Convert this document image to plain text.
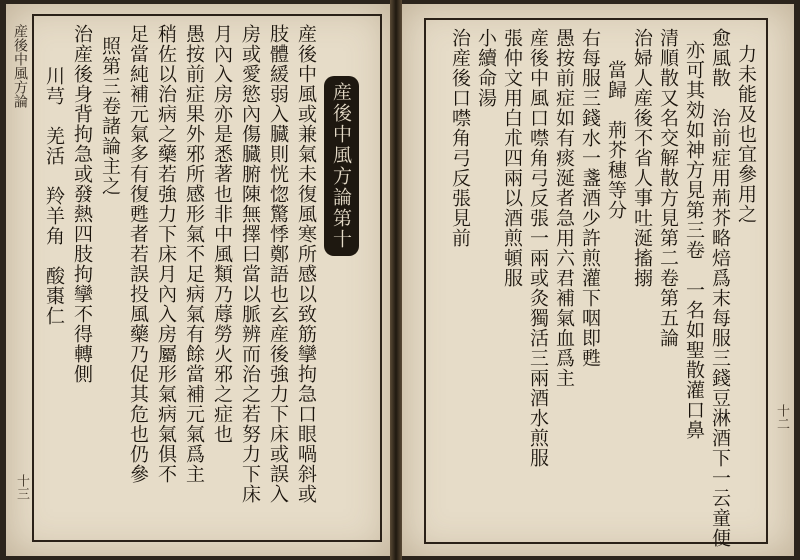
産後中風方論
産後中風方論第十
産後中風或兼氣未復風寒所感以致筋攣拘急口眼喎斜或
肢體緩弱入臓則恍惚驚悸鄭語也玄産後強力下床或誤入
房或愛慾內傷臓腑陳無擇曰當以脈辨而治之若努力下床
月內入房亦是悉著也非中風類乃蓐勞火邪之症也
愚按前症果外邪所感形氣不足病氣有餘當補元氣爲主
稍佐以治病之藥若強力下床月內入房屬形氣病氣俱不
足當純補元氣多有復甦者若誤投風藥乃促其危也仍參
照第三卷諸論主之
治産後身背拘急或發熱四肢拘攣不得轉側
川芎　羌活　羚羊角　酸棗仁
十三
力未能及也宜參用之
愈風散　治前症用荊芥略焙爲末每服三錢豆淋酒下一云童便
亦可其効如神方見第三卷　一名如聖散灌口鼻
清順散又名交解散方見第二卷第五論
治婦人産後不省人事吐涎搐搦
當歸　荊芥穗等分
右每服三錢水一盞酒少許煎灌下咽即甦
愚按前症如有痰涎者急用六君補氣血爲主
産後中風口噤角弓反張一兩或灸獨活三兩酒水煎服
張仲文用白朮四兩以酒煎頓服
小續命湯
治産後口噤角弓反張見前
十二
